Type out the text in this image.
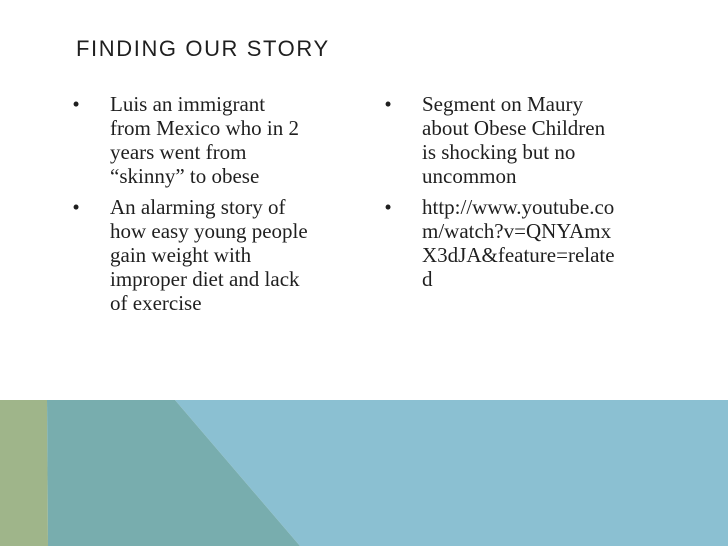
FINDING OUR STORY
•	Luis an immigrant from Mexico who in 2 years went from “skinny” to obese
•	An alarming story of how easy young people gain weight with improper diet and lack of exercise
•	Segment on Maury about Obese Children is shocking but no uncommon
•	http://www.youtube.com/watch?v=QNYAmxX3dJA&feature=related
